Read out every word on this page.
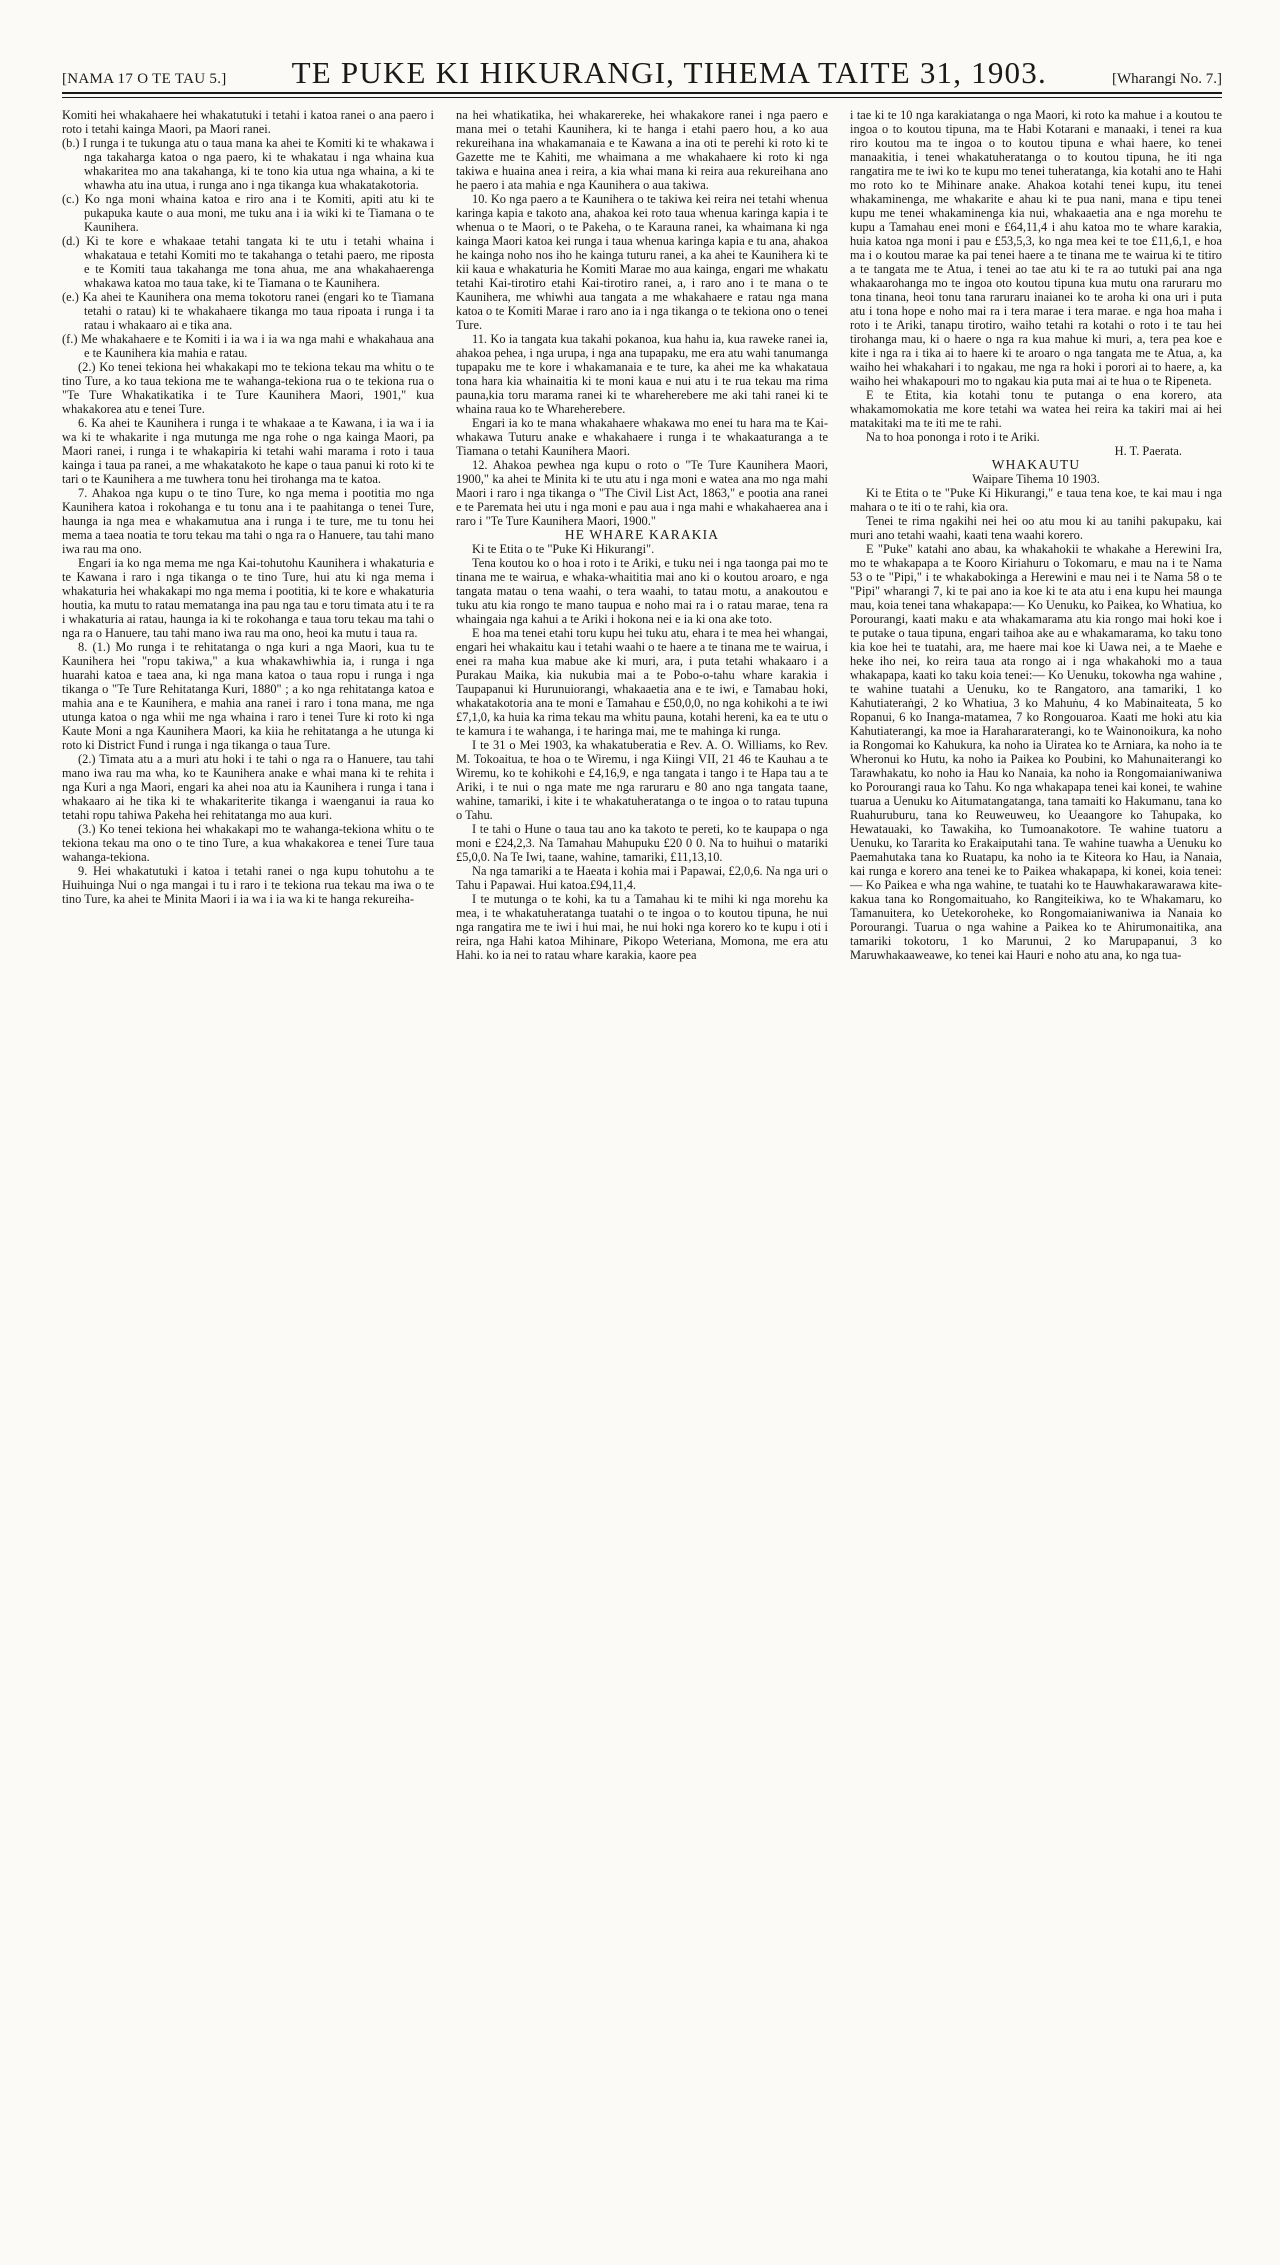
[NAMA 17 O TE TAU 5.] TE PUKE KI HIKURANGI, TIHEMA TAITE 31, 1903.	[Wharangi No. 7.]

Komiti hei whakahaere hei whakatutuki i tetahi i katoa ranei o ana paero i roto i tetahi kainga Maori, pa Maori ranei.

(b.) I runga i te tukunga atu o taua mana ka ahei te Komiti ki te whakawa i nga takaharga katoa o nga paero, ki te whakatau i nga whaina kua whakaritea mo ana takahanga, ki te tono kia utua nga whaina, a ki te whawha atu ina utua, i runga ano i nga tikanga kua whakatakotoria.

(c.) Ko nga moni whaina katoa e riro ana i te Komiti, apiti atu ki te pukapuka kaute o aua moni, me tuku ana i ia wiki ki te Tiamana o te Kaunihera.

(d.) Ki te kore e whakaae tetahi tangata ki te utu i tetahi whaina i whakataua e tetahi Komiti mo te takahanga o tetahi paero, me riposta e te Komiti taua takahanga me tona ahua, me ana whakahaerenga whakawa katoa mo taua take, ki te Tiamana o te Kaunihera.

(e.) Ka ahei te Kaunihera ona mema tokotoru ranei (engari ko te Tiamana tetahi o ratau) ki te whakahaere tikanga mo taua ripoata i runga i ta ratau i whakaaro ai e tika ana.

(f.) Me whakahaere e te Komiti i ia wa i ia wa nga mahi e whakahaua ana e te Kaunihera kia mahia e ratau.

(2.) Ko tenei tekiona hei whakakapi mo te tekiona tekau ma whitu o te tino Ture, a ko taua tekiona me te wahanga-tekiona rua o te tekiona rua o "Te Ture Whakatikatika i te Ture Kaunihera Maori, 1901," kua whakakorea atu e tenei Ture.

6. Ka ahei te Kaunihera i runga i te whakaae a te Kawana, i ia wa i ia wa ki te whakarite i nga mutunga me nga rohe o nga kainga Maori, pa Maori ranei, i runga i te whakapiria ki tetahi wahi marama i roto i taua kainga i taua pa ranei, a me whakatakoto he kape o taua panui ki roto ki te tari o te Kaunihera a me tuwhera tonu hei tirohanga ma te katoa.

7. Ahakoa nga kupu o te tino Ture, ko nga mema i pootitia mo nga Kaunihera katoa i rokohanga e tu tonu ana i te paahitanga o tenei Ture, haunga ia nga mea e whakamutua ana i runga i te ture, me tu tonu hei mema a taea noatia te toru tekau ma tahi o nga ra o Hanuere, tau tahi mano iwa rau ma ono.

Engari ia ko nga mema me nga Kai-tohutohu Kaunihera i whakaturia e te Kawana i raro i nga tikanga o te tino Ture, hui atu ki nga mema i whakaturia hei whakakapi mo nga mema i pootitia, ki te kore e whakaturia houtia, ka mutu to ratau mematanga ina pau nga tau e toru timata atu i te ra i whakaturia ai ratau, haunga ia ki te rokohanga e taua toru tekau ma tahi o nga ra o Hanuere, tau tahi mano iwa rau ma ono, heoi ka mutu i taua ra.

8. (1.) Mo runga i te rehitatanga o nga kuri a nga Maori, kua tu te Kaunihera hei "ropu takiwa," a kua whakawhiwhia ia, i runga i nga huarahi katoa e taea ana, ki nga mana katoa o taua ropu i runga i nga tikanga o "Te Ture Rehitatanga Kuri, 1880" ; a ko nga rehitatanga katoa e mahia ana e te Kaunihera, e mahia ana ranei i raro i tona mana, me nga utunga katoa o nga whii me nga whaina i raro i tenei Ture ki roto ki nga Kaute Moni a nga Kaunihera Maori, ka kiia he rehitatanga a he utunga ki roto ki District Fund i runga i nga tikanga o taua Ture.

(2.) Timata atu a a muri atu hoki i te tahi o nga ra o Hanuere, tau tahi mano iwa rau ma wha, ko te Kaunihera anake e whai mana ki te rehita i nga Kuri a nga Maori, engari ka ahei noa atu ia Kaunihera i runga i tana i whakaaro ai he tika ki te whakariterite tikanga i waenganui ia raua ko tetahi ropu tahiwa Pakeha hei rehitatanga mo aua kuri.

(3.) Ko tenei tekiona hei whakakapi mo te wahanga-tekiona whitu o te tekiona tekau ma ono o te tino Ture, a kua whakakorea e tenei Ture taua wahanga-tekiona.

9. Hei whakatutuki i katoa i tetahi ranei o nga kupu tohutohu a te Huihuinga Nui o nga mangai i tu i raro i te tekiona rua tekau ma iwa o te tino Ture, ka ahei te Minita Maori i ia wa i ia wa ki te hanga rekureiha-

na hei whatikatika, hei whakarereke, hei whakakore ranei i nga paero e mana mei o tetahi Kaunihera, ki te hanga i etahi paero hou, a ko aua rekureihana ina whakamanaia e te Kawana a ina oti te perehi ki roto ki te Gazette me te Kahiti, me whaimana a me whakahaere ki roto ki nga takiwa e huaina anea i reira, a kia whai mana ki reira aua rekureihana ano he paero i ata mahia e nga Kaunihera o aua takiwa.

10. Ko nga paero a te Kaunihera o te takiwa kei reira nei tetahi whenua karinga kapia e takoto ana, ahakoa kei roto taua whenua karinga kapia i te whenua o te Maori, o te Pakeha, o te Karauna ranei, ka whaimana ki nga kainga Maori katoa kei runga i taua whenua karinga kapia e tu ana, ahakoa he kainga noho nos iho he kainga tuturu ranei, a ka ahei te Kaunihera ki te kii kaua e whakaturia he Komiti Marae mo aua kainga, engari me whakatu tetahi Kai-tirotiro etahi Kai-tirotiro ranei, a, i raro ano i te mana o te Kaunihera, me whiwhi aua tangata a me whakahaere e ratau nga mana katoa o te Komiti Marae i raro ano ia i nga tikanga o te tekiona ono o tenei Ture.

11. Ko ia tangata kua takahi pokanoa, kua hahu ia, kua raweke ranei ia, ahakoa pehea, i nga urupa, i nga ana tupapaku, me era atu wahi tanumanga tupapaku me te kore i whakamanaia e te ture, ka ahei me ka whakataua tona hara kia whainaitia ki te moni kaua e nui atu i te rua tekau ma rima pauna,kia toru marama ranei ki te whareherebere me aki tahi ranei ki te whaina raua ko te Whareherebere.

Engari ia ko te mana whakahaere whakawa mo enei tu hara ma te Kai-whakawa Tuturu anake e whakahaere i runga i te whakaaturanga a te Tiamana o tetahi Kaunihera Maori.

12. Ahakoa pewhea nga kupu o roto o "Te Ture Kaunihera Maori, 1900," ka ahei te Minita ki te utu atu i nga moni e watea ana mo nga mahi Maori i raro i nga tikanga o "The Civil List Act, 1863," e pootia ana ranei e te Paremata hei utu i nga moni e pau aua i nga mahi e whakahaerea ana i raro i "Te Ture Kaunihera Maori, 1900."

HE WHARE KARAKIA

Ki te Etita o te "Puke Ki Hikurangi".

Tena koutou ko o hoa i roto i te Ariki, e tuku nei i nga taonga pai mo te tinana me te wairua, e whaka-whaititia mai ano ki o koutou aroaro, e nga tangata matau o tena waahi, o tera waahi, to tatau motu, a anakoutou e tuku atu kia rongo te mano taupua e noho mai ra i o ratau marae, tena ra whaingaia nga kahui a te Ariki i hokona nei e ia ki ona ake toto.

E hoa ma tenei etahi toru kupu hei tuku atu, ehara i te mea hei whangai, engari hei whakaitu kau i tetahi waahi o te haere a te tinana me te wairua, i enei ra maha kua mabue ake ki muri, ara, i puta tetahi whakaaro i a Purakau Maika, kia nukubia mai a te Pobo-o-tahu whare karakia i Taupapanui ki Hurunuiorangi, whakaaetia ana e te iwi, e Tamabau hoki, whakatakotoria ana te moni e Tamahau e £50,0,0, no nga kohikohi a te iwi £7,1,0, ka huia ka rima tekau ma whitu pauna, kotahi hereni, ka ea te utu o te kamura i te wahanga, i te haringa mai, me te mahinga ki runga.

I te 31 o Mei 1903, ka whakatuberatia e Rev. A. O. Williams, ko Rev. M. Tokoaitua, te hoa o te Wiremu, i nga Kiingi VII, 21 46 te Kauhau a te Wiremu, ko te kohikohi e £4,16,9, e nga tangata i tango i te Hapa tau a te Ariki, i te nui o nga mate me nga raruraru e 80 ano nga tangata taane, wahine, tamariki, i kite i te whakatuheratanga o te ingoa o to ratau tupuna o Tahu.

I te tahi o Hune o taua tau ano ka takoto te pereti, ko te kaupapa o nga moni e £24,2,3. Na Tamahau Mahupuku £20 0 0. Na to huihui o matariki £5,0,0. Na Te Iwi, taane, wahine, tamariki, £11,13,10.

Na nga tamariki a te Haeata i kohia mai i Papawai, £2,0,6. Na nga uri o Tahu i Papawai. Hui katoa.£94,11,4.

I te mutunga o te kohi, ka tu a Tamahau ki te mihi ki nga morehu ka mea, i te whakatuheratanga tuatahi o te ingoa o to koutou tipuna, he nui nga rangatira me te iwi i hui mai, he nui hoki nga korero ko te kupu i oti i reira, nga Hahi katoa Mihinare, Pikopo Weteriana, Momona, me era atu Hahi. ko ia nei to ratau whare karakia, kaore pea

i tae ki te 10 nga karakiatanga o nga Maori, ki roto ka mahue i a koutou te ingoa o to koutou tipuna, ma te Habi Kotarani e manaaki, i tenei ra kua riro koutou ma te ingoa o to koutou tipuna e whai haere, ko tenei manaakitia, i tenei whakatuheratanga o to koutou tipuna, he iti nga rangatira me te iwi ko te kupu mo tenei tuheratanga, kia kotahi ano te Hahi mo roto ko te Mihinare anake. Ahakoa kotahi tenei kupu, itu tenei whakaminenga, me whakarite e ahau ki te pua nani, mana e tipu tenei kupu me tenei whakaminenga kia nui, whakaaetia ana e nga morehu te kupu a Tamahau enei moni e £64,11,4 i ahu katoa mo te whare karakia, huia katoa nga moni i pau e £53,5,3, ko nga mea kei te toe £11,6,1, e hoa ma i o koutou marae ka pai tenei haere a te tinana me te wairua ki te titiro a te tangata me te Atua, i tenei ao tae atu ki te ra ao tutuki pai ana nga whakaarohanga mo te ingoa oto koutou tipuna kua mutu ona raruraru mo tona tinana, heoi tonu tana raruraru inaianei ko te aroha ki ona uri i puta atu i tona hope e noho mai ra i tera marae i tera marae. e nga hoa maha i roto i te Ariki, tanapu tirotiro, waiho tetahi ra kotahi o roto i te tau hei tirohanga mau, ki o haere o nga ra kua mahue ki muri, a, tera pea koe e kite i nga ra i tika ai to haere ki te aroaro o nga tangata me te Atua, a, ka waiho hei whakahari i to ngakau, me nga ra hoki i porori ai to haere, a, ka waiho hei whakapouri mo to ngakau kia puta mai ai te hua o te Ripeneta.

E te Etita, kia kotahi tonu te putanga o ena korero, ata whakamomokatia me kore tetahi wa watea hei reira ka takiri mai ai hei matakitaki ma te iti me te rahi.

Na to hoa pononga i roto i te Ariki.

H. T. Paerata.

WHAKAUTU

Waipare Tihema 10 1903.

Ki te Etita o te "Puke Ki Hikurangi," e taua tena koe, te kai mau i nga mahara o te iti o te rahi, kia ora.

Tenei te rima ngakihi nei hei oo atu mou ki au tanihi pakupaku, kai muri ano tetahi waahi, kaati tena waahi korero.

E "Puke" katahi ano abau, ka whakahokii te whakahe a Herewini Ira, mo te whakapapa a te Kooro Kiriahuru o Tokomaru, e mau na i te Nama 53 o te "Pipi," i te whakabokinga a Herewini e mau nei i te Nama 58 o te "Pipi" wharangi 7, ki te pai ano ia koe ki te ata atu i ena kupu hei maunga mau, koia tenei tana whakapapa:— Ko Uenuku, ko Paikea, ko Whatiua, ko Porourangi, kaati maku e ata whakamarama atu kia rongo mai hoki koe i te putake o taua tipuna, engari taihoa ake au e whakamarama, ko taku tono kia koe hei te tuatahi, ara, me haere mai koe ki Uawa nei, a te Maehe e heke iho nei, ko reira taua ata rongo ai i nga whakahoki mo a taua whakapapa, kaati ko taku koia tenei:— Ko Uenuku, tokowha nga wahine , te wahine tuatahi a Uenuku, ko te Rangatoro, ana tamariki, 1 ko Kahutiateraṅgi, 2 ko Whatiua, 3 ko Mahuṅu, 4 ko Mabinaiteata, 5 ko Ropanui, 6 ko Inanga-matamea, 7 ko Rongouaroa. Kaati me hoki atu kia Kahutiaterangi, ka moe ia Harahararaterangi, ko te Wainonoikura, ka noho ia Rongomai ko Kahukura, ka noho ia Uiratea ko te Arniara, ka noho ia te Wheronui ko Hutu, ka noho ia Paikea ko Poubini, ko Mahunaiterangi ko Tarawhakatu, ko noho ia Hau ko Nanaia, ka noho ia Rongomaianiwaniwa ko Porourangi raua ko Tahu. Ko nga whakapapa tenei kai konei, te wahine tuarua a Uenuku ko Aitumatangatanga, tana tamaiti ko Hakumanu, tana ko Ruahuruburu, tana ko Reuweuweu, ko Ueaangore ko Tahupaka, ko Hewatauaki, ko Tawakiha, ko Tumoanakotore. Te wahine tuatoru a Uenuku, ko Tararita ko Erakaiputahi tana. Te wahine tuawha a Uenuku ko Paemahutaka tana ko Ruatapu, ka noho ia te Kiteora ko Hau, ia Nanaia, kai runga e korero ana tenei ke to Paikea whakapapa, ki konei, koia tenei:— Ko Paikea e wha nga wahine, te tuatahi ko te Hauwhakarawarawa kite-kakua tana ko Rongomaituaho, ko Rangiteikiwa, ko te Whakamaru, ko Tamanuitera, ko Uetekoroheke, ko Rongomaianiwaniwa ia Nanaia ko Porourangi. Tuarua o nga wahine a Paikea ko te Ahirumonaitika, ana tamariki tokotoru, 1 ko Marunui, 2 ko Marupapanui, 3 ko Maruwhakaaweawe, ko tenei kai Hauri e noho atu ana, ko nga tua-
